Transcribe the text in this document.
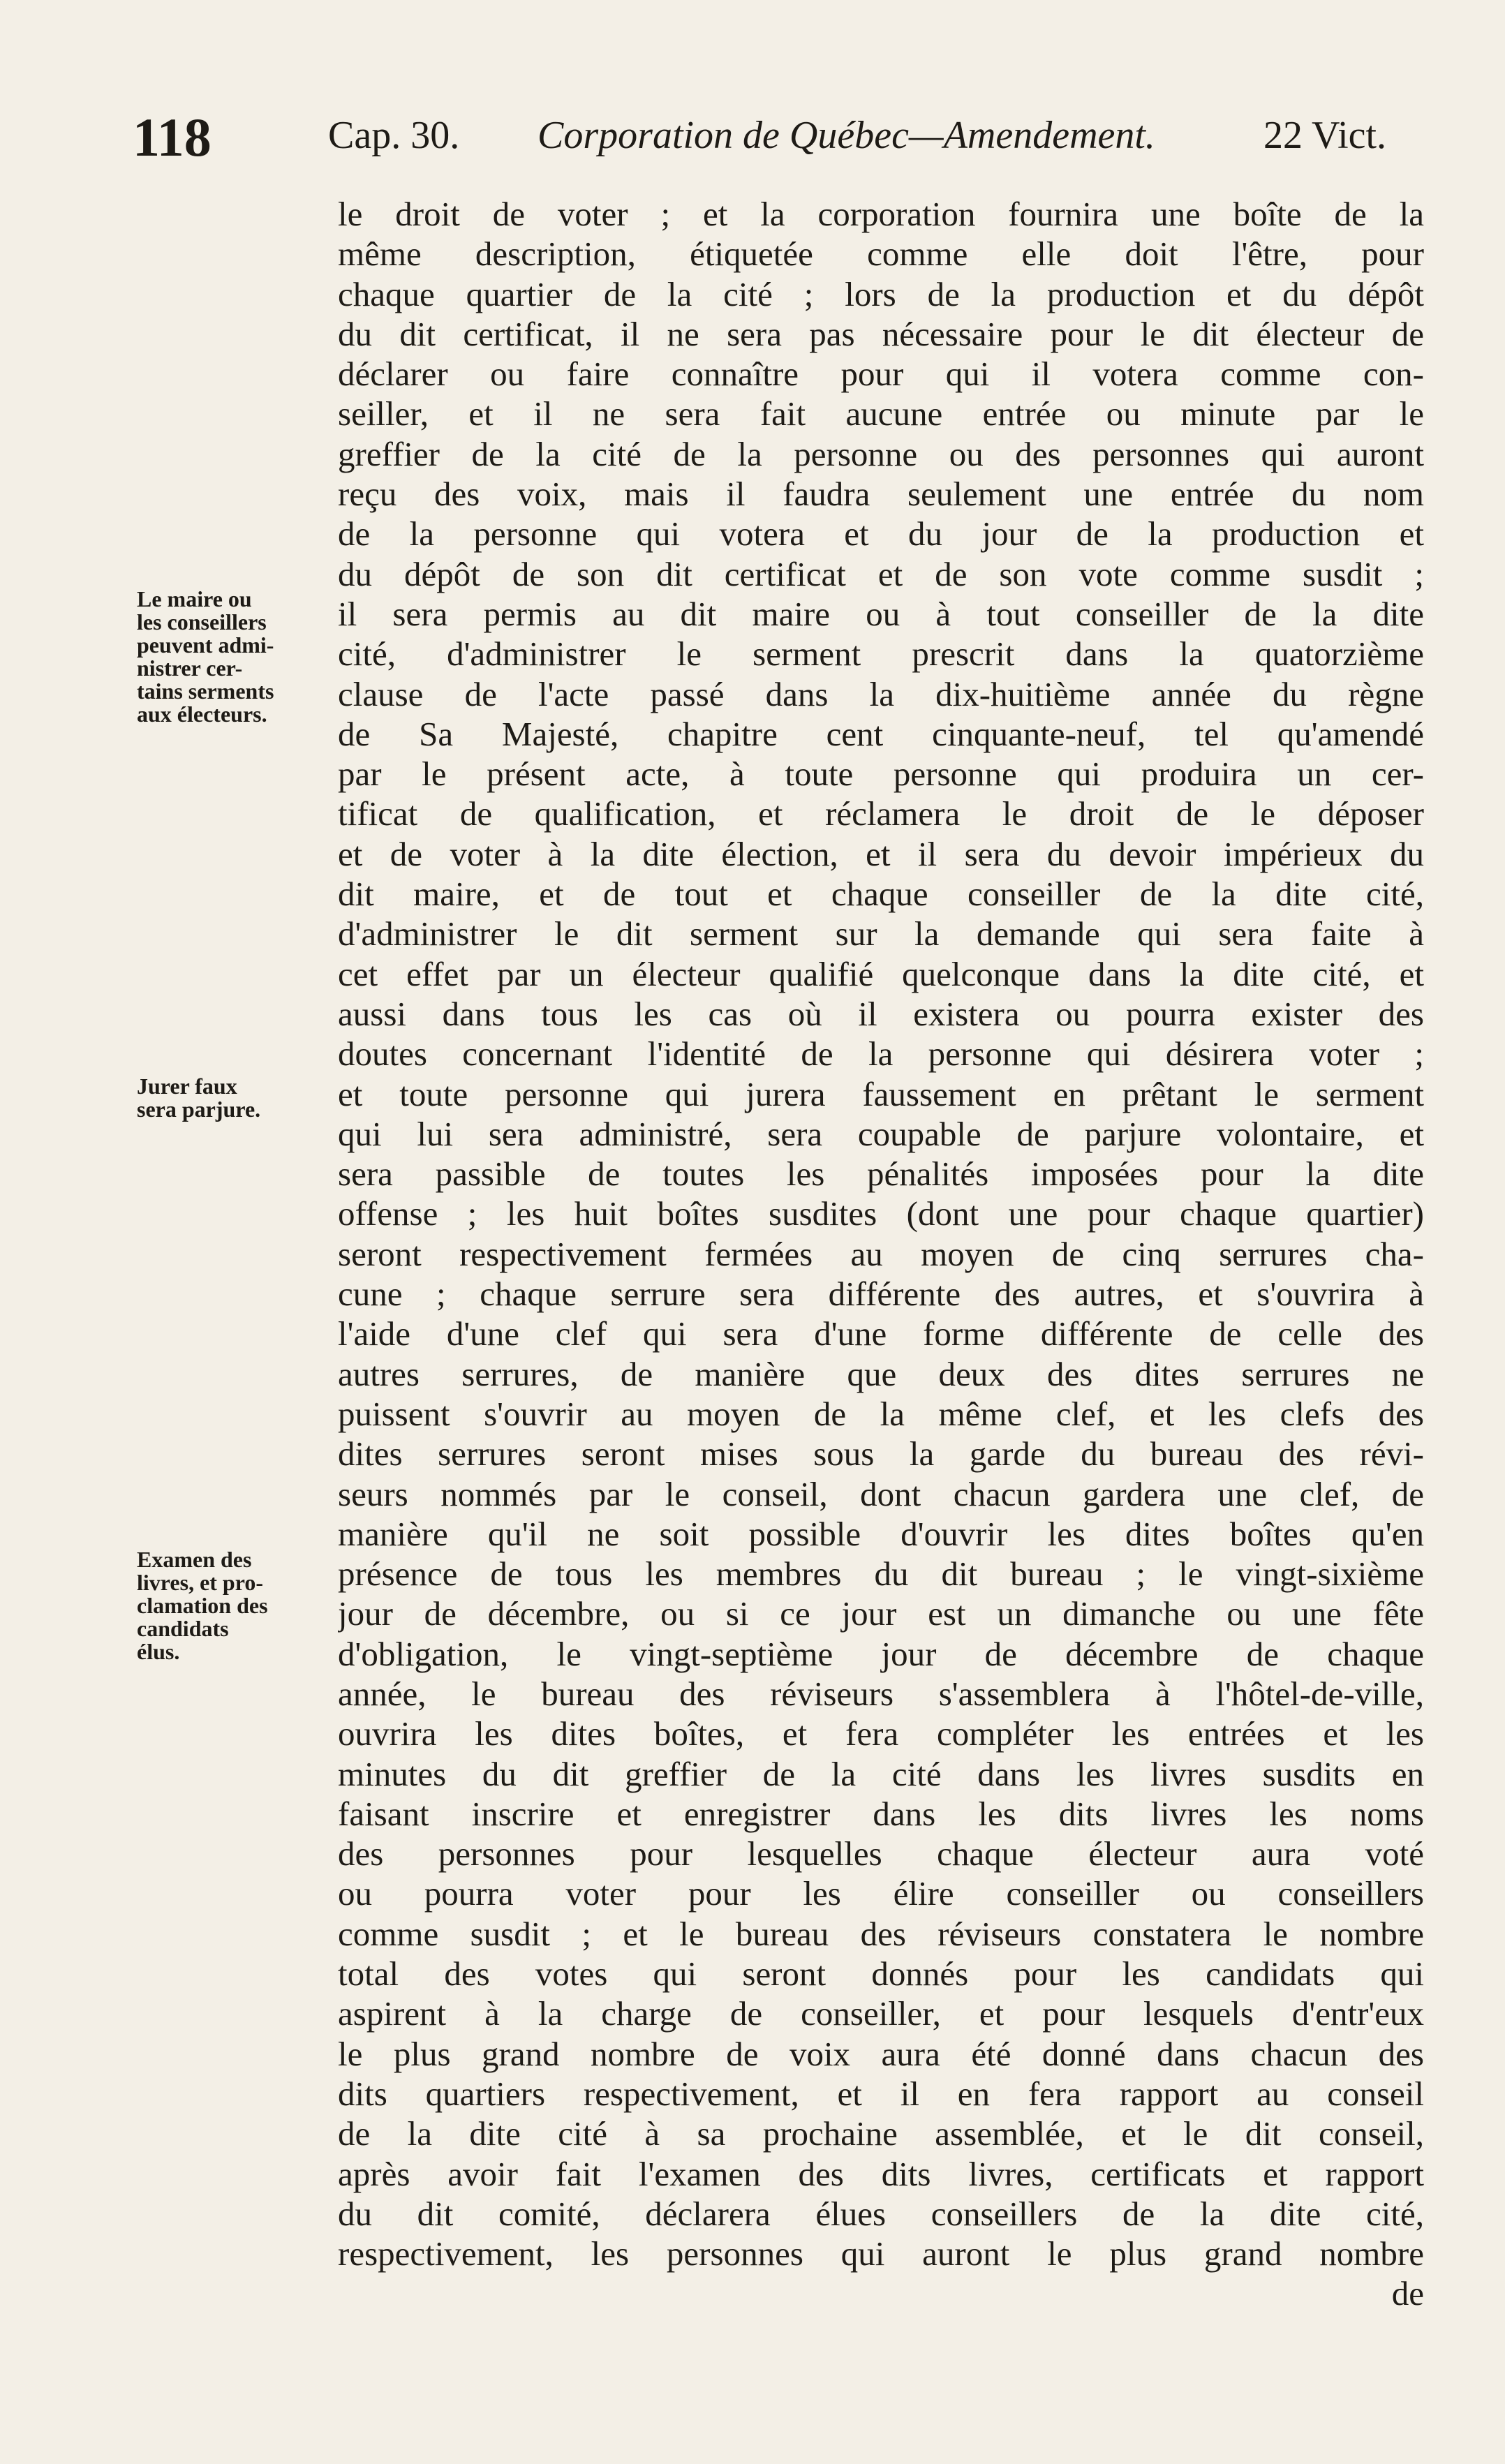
118	Cap. 30. Corporation de Québec—Amendement.	22 Vict.
Le maire ou
les conseillers
peuvent admi-
nistrer cer-
tains serments
aux électeurs.
Jurer faux
sera parjure.
Examen des
livres, et pro-
clamation des
candidats
élus.
le droit de voter ; et la corporation fournira une boîte de la
même description, étiquetée comme elle doit l'être, pour
chaque quartier de la cité ; lors de la production et du dépôt
du dit certificat, il ne sera pas nécessaire pour le dit électeur de
déclarer ou faire connaître pour qui il votera comme con-
seiller, et il ne sera fait aucune entrée ou minute par le
greffier de la cité de la personne ou des personnes qui auront
reçu des voix, mais il faudra seulement une entrée du nom
de la personne qui votera et du jour de la production et
du dépôt de son dit certificat et de son vote comme susdit ;
il sera permis au dit maire ou à tout conseiller de la dite
cité, d'administrer le serment prescrit dans la quatorzième
clause de l'acte passé dans la dix-huitième année du règne
de Sa Majesté, chapitre cent cinquante-neuf, tel qu'amendé
par le présent acte, à toute personne qui produira un cer-
tificat de qualification, et réclamera le droit de le déposer
et de voter à la dite élection, et il sera du devoir impérieux du
dit maire, et de tout et chaque conseiller de la dite cité,
d'administrer le dit serment sur la demande qui sera faite à
cet effet par un électeur qualifié quelconque dans la dite cité, et
aussi dans tous les cas où il existera ou pourra exister des
doutes concernant l'identité de la personne qui désirera voter ;
et toute personne qui jurera faussement en prêtant le serment
qui lui sera administré, sera coupable de parjure volontaire, et
sera passible de toutes les pénalités imposées pour la dite
offense ; les huit boîtes susdites (dont une pour chaque quartier)
seront respectivement fermées au moyen de cinq serrures cha-
cune ; chaque serrure sera différente des autres, et s'ouvrira à
l'aide d'une clef qui sera d'une forme différente de celle des
autres serrures, de manière que deux des dites serrures ne
puissent s'ouvrir au moyen de la même clef, et les clefs des
dites serrures seront mises sous la garde du bureau des révi-
seurs nommés par le conseil, dont chacun gardera une clef, de
manière qu'il ne soit possible d'ouvrir les dites boîtes qu'en
présence de tous les membres du dit bureau ; le vingt-sixième
jour de décembre, ou si ce jour est un dimanche ou une fête
d'obligation, le vingt-septième jour de décembre de chaque
année, le bureau des réviseurs s'assemblera à l'hôtel-de-ville,
ouvrira les dites boîtes, et fera compléter les entrées et les
minutes du dit greffier de la cité dans les livres susdits en
faisant inscrire et enregistrer dans les dits livres les noms
des personnes pour lesquelles chaque électeur aura voté
ou pourra voter pour les élire conseiller ou conseillers
comme susdit ; et le bureau des réviseurs constatera le nombre
total des votes qui seront donnés pour les candidats qui
aspirent à la charge de conseiller, et pour lesquels d'entr'eux
le plus grand nombre de voix aura été donné dans chacun des
dits quartiers respectivement, et il en fera rapport au conseil
de la dite cité à sa prochaine assemblée, et le dit conseil,
après avoir fait l'examen des dits livres, certificats et rapport
du dit comité, déclarera élues conseillers de la dite cité,
respectivement, les personnes qui auront le plus grand nombre
de
